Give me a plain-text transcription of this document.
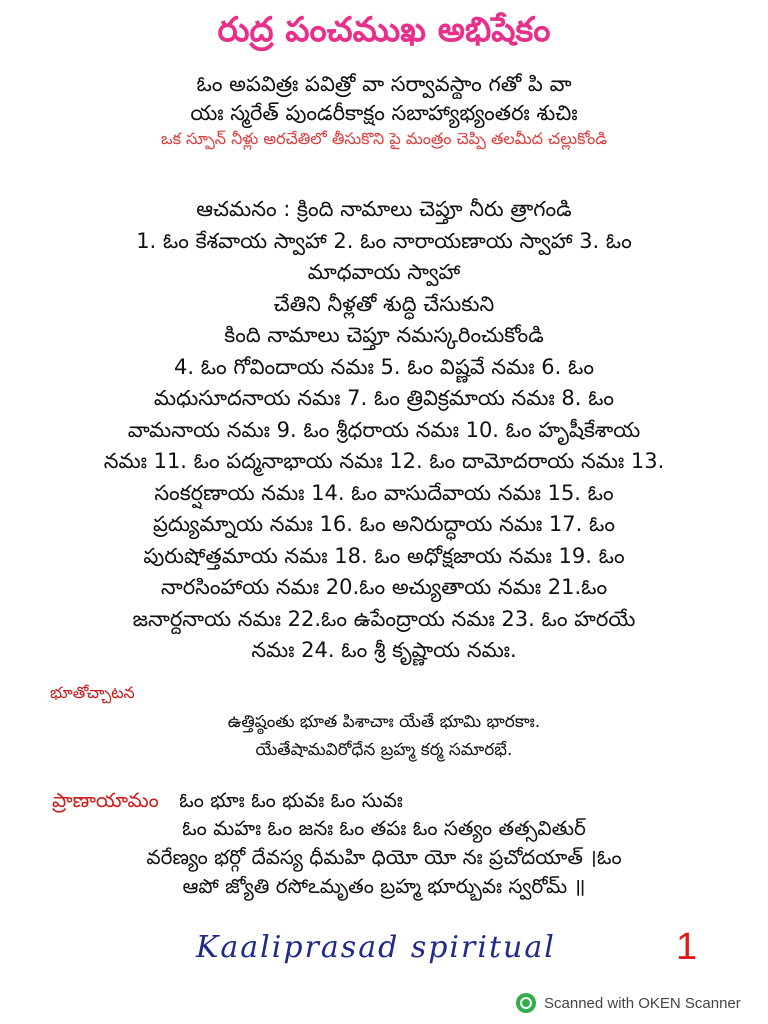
రుద్ర పంచముఖ అభిషేకం
ఓం అపవిత్రః పవిత్రో వా సర్వావస్థాం గతో పి వా
యః స్మరేత్ పుండరీకాక్షం సబాహ్యాభ్యంతరః శుచిః
ఒక స్పూన్ నీళ్లు అరచేతిలో తీసుకొని పై మంత్రం చెప్పి తలమీద చల్లుకోండి
ఆచమనం : క్రింది నామాలు చెప్తూ నీరు త్రాగండి
1. ఓం కేశవాయ స్వాహా 2. ఓం నారాయణాయ స్వాహా 3. ఓం
మాధవాయ స్వాహా
చేతిని నీళ్లతో శుద్ధి చేసుకుని
కింది నామాలు చెప్తూ నమస్కరించుకోండి
4. ఓం గోవిందాయ నమః 5. ఓం విష్ణవే నమః 6. ఓం
మధుసూదనాయ నమః 7. ఓం త్రివిక్రమాయ నమః 8. ఓం
వామనాయ నమః 9. ఓం శ్రీధరాయ నమః 10. ఓం హృషీకేశాయ
నమః 11. ఓం పద్మనాభాయ నమః 12. ఓం దామోదరాయ నమః 13.
సంకర్షణాయ నమః 14. ఓం వాసుదేవాయ నమః 15. ఓం
ప్రద్యుమ్నాయ నమః 16. ఓం అనిరుద్ధాయ నమః 17. ఓం
పురుషోత్తమాయ నమః 18. ఓం అధోక్షజాయ నమః 19. ఓం
నారసింహాయ నమః 20.ఓం అచ్యుతాయ నమః 21.ఓం
జనార్దనాయ నమః 22.ఓం ఉపేంద్రాయ నమః 23. ఓం హరయే
నమః 24. ఓం శ్రీ కృష్ణాయ నమః.
భూతోచ్చాటన
ఉత్తిష్ఠంతు భూత పిశాచాః యేతే భూమి భారకాః.
యేతేషామవిరోధేన బ్రహ్మ కర్మ సమారభే.
ప్రాణాయామం ఓం భూః ఓం భువః ఓం సువః
ఓం మహః ఓం జనః ఓం తపః ఓం సత్యం తత్సవితుర్
వరేణ్యం భర్గో దేవస్య ధీమహి ధియో యో నః ప్రచోదయాత్ ।ఓం
ఆపో జ్యోతి రసోఽమృతం బ్రహ్మ భూర్భువః స్వరోమ్ ॥
Kaaliprasad spiritual	1
Scanned with OKEN Scanner
